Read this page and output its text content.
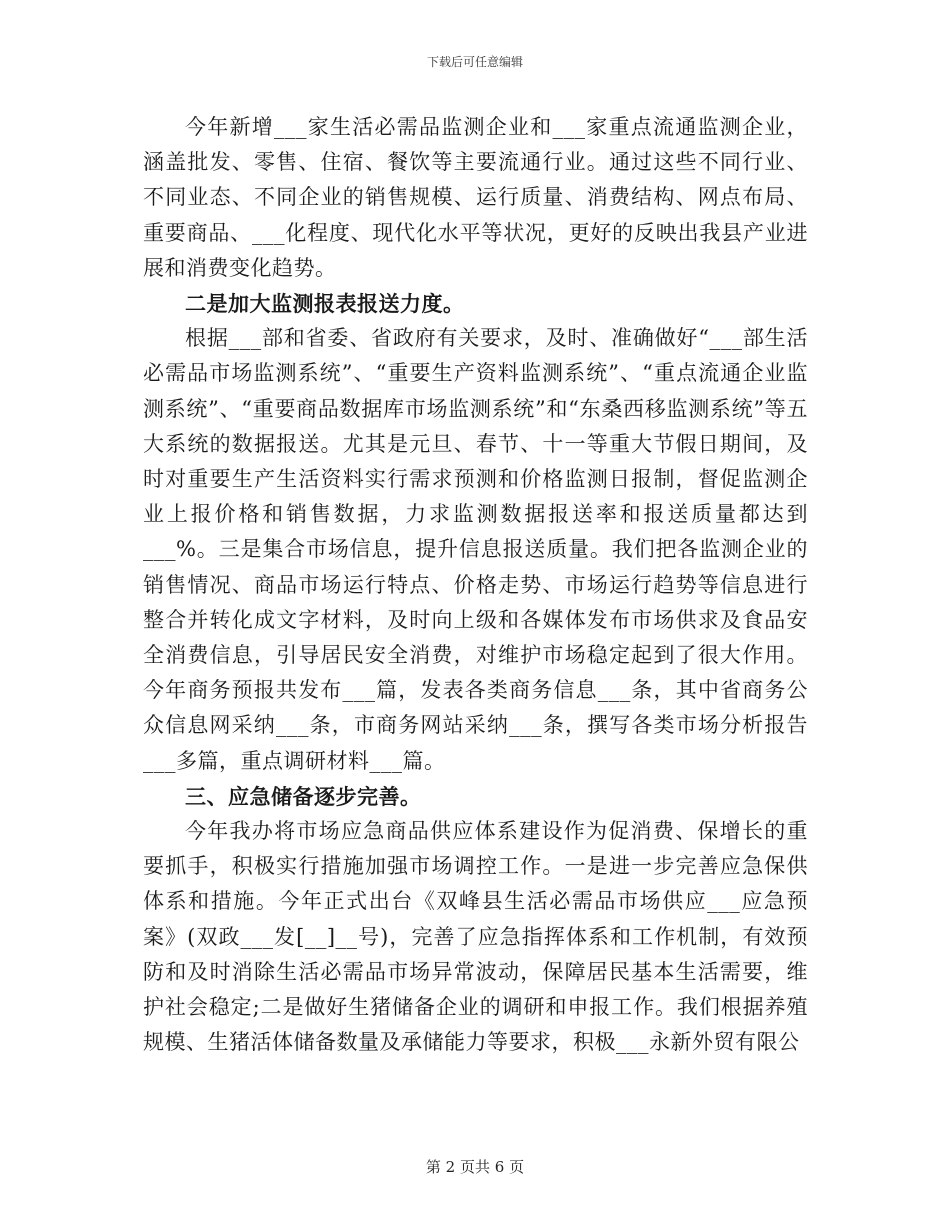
下载后可任意编辑

今年新增___家生活必需品监测企业和___家重点流通监测企业，涵盖批发、零售、住宿、餐饮等主要流通行业。通过这些不同行业、不同业态、不同企业的销售规模、运行质量、消费结构、网点布局、重要商品、___化程度、现代化水平等状况，更好的反映出我县产业进展和消费变化趋势。

二是加大监测报表报送力度。

根据___部和省委、省政府有关要求，及时、准确做好“___部生活必需品市场监测系统”、“重要生产资料监测系统”、“重点流通企业监测系统”、“重要商品数据库市场监测系统”和“东桑西移监测系统”等五大系统的数据报送。尤其是元旦、春节、十一等重大节假日期间，及时对重要生产生活资料实行需求预测和价格监测日报制，督促监测企业上报价格和销售数据，力求监测数据报送率和报送质量都达到___%。三是集合市场信息，提升信息报送质量。我们把各监测企业的销售情况、商品市场运行特点、价格走势、市场运行趋势等信息进行整合并转化成文字材料，及时向上级和各媒体发布市场供求及食品安全消费信息，引导居民安全消费，对维护市场稳定起到了很大作用。今年商务预报共发布___篇，发表各类商务信息___条，其中省商务公众信息网采纳___条，市商务网站采纳___条，撰写各类市场分析报告___多篇，重点调研材料___篇。

三、应急储备逐步完善。

今年我办将市场应急商品供应体系建设作为促消费、保增长的重要抓手，积极实行措施加强市场调控工作。一是进一步完善应急保供体系和措施。今年正式出台《双峰县生活必需品市场供应___应急预案》(双政___发[__]__号)，完善了应急指挥体系和工作机制，有效预防和及时消除生活必需品市场异常波动，保障居民基本生活需要，维护社会稳定;二是做好生猪储备企业的调研和申报工作。我们根据养殖规模、生猪活体储备数量及承储能力等要求，积极___永新外贸有限公

第 2 页共 6 页
